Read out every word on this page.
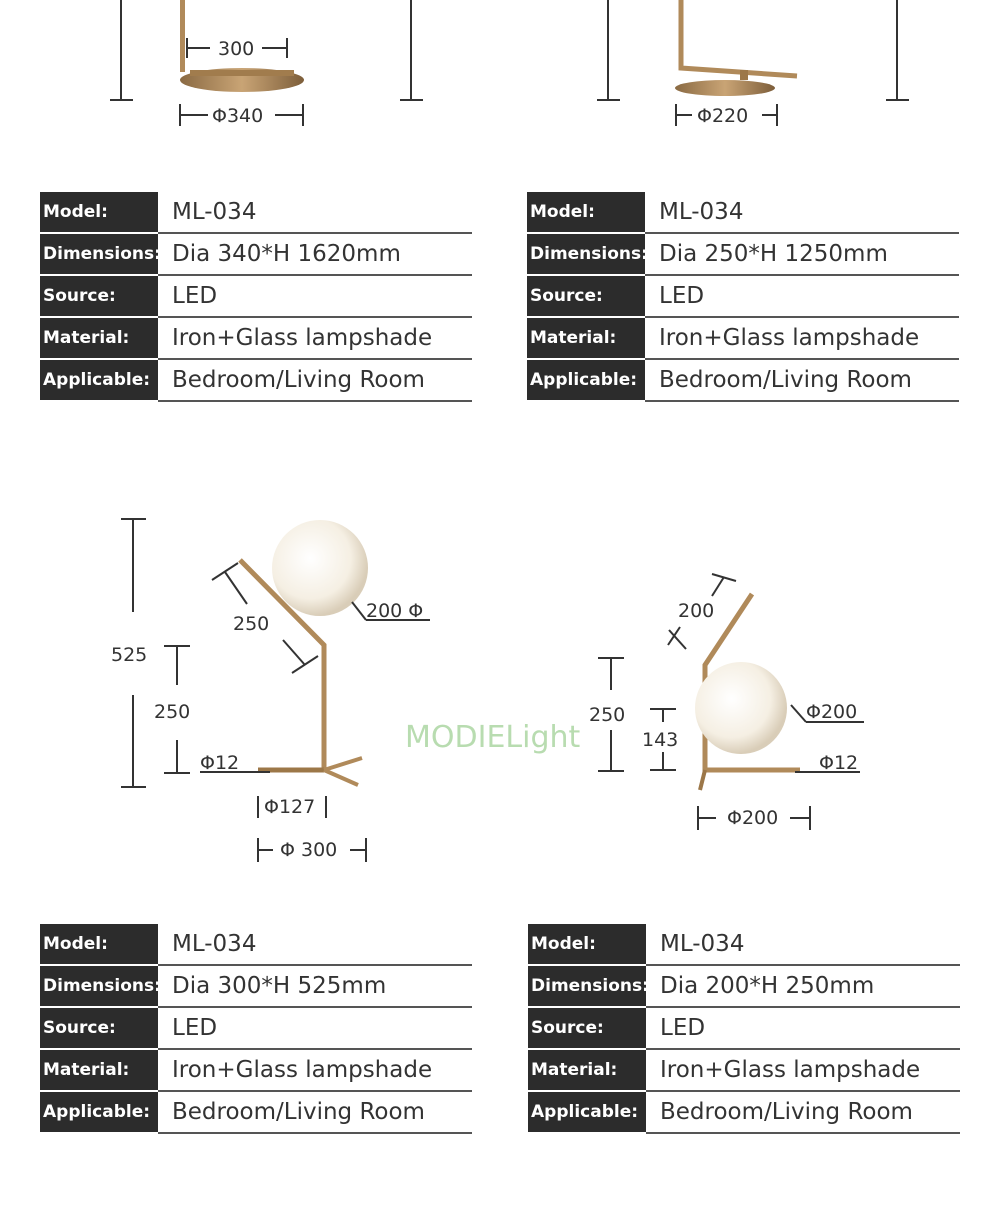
300
Φ340	Φ220
525
250
250
200 Φ
Φ12
Φ127
Φ 300
200
250
143
Φ200
Φ12
Φ200
MODIELight
Model:	ML-034
Dimensions: Dia 340*H 1620mm
Source:	LED
Material:	Iron+Glass lampshade
Applicable: Bedroom/Living Room
Model:	ML-034
Dimensions: Dia 250*H 1250mm
Source:	LED
Material:	Iron+Glass lampshade
Applicable: Bedroom/Living Room
Model:	ML-034
Dimensions: Dia 300*H 525mm
Source:	LED
Material:	Iron+Glass lampshade
Applicable: Bedroom/Living Room
Model:	ML-034
Dimensions: Dia 200*H 250mm
Source:	LED
Material:	Iron+Glass lampshade
Applicable: Bedroom/Living Room
